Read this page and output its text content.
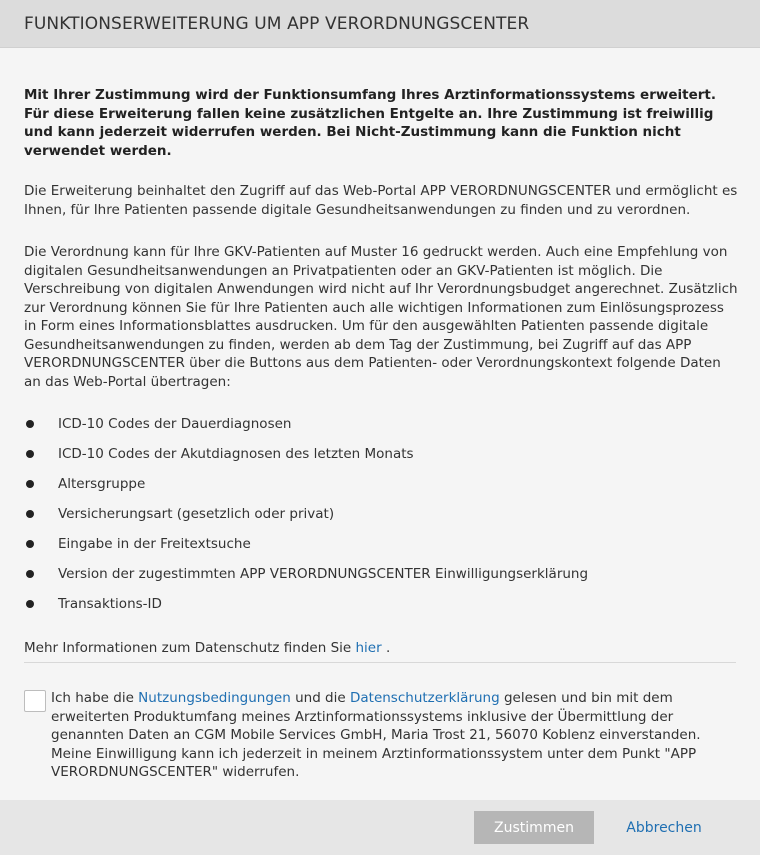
FUNKTIONSERWEITERUNG UM APP VERORDNUNGSCENTER

Mit Ihrer Zustimmung wird der Funktionsumfang Ihres Arztinformationssystems erweitert. Für diese Erweiterung fallen keine zusätzlichen Entgelte an. Ihre Zustimmung ist freiwillig und kann jederzeit widerrufen werden. Bei Nicht-Zustimmung kann die Funktion nicht verwendet werden.

Die Erweiterung beinhaltet den Zugriff auf das Web-Portal APP VERORDNUNGSCENTER und ermöglicht es Ihnen, für Ihre Patienten passende digitale Gesundheitsanwendungen zu finden und zu verordnen.

Die Verordnung kann für Ihre GKV-Patienten auf Muster 16 gedruckt werden. Auch eine Empfehlung von digitalen Gesundheitsanwendungen an Privatpatienten oder an GKV-Patienten ist möglich. Die Verschreibung von digitalen Anwendungen wird nicht auf Ihr Verordnungsbudget angerechnet. Zusätzlich zur Verordnung können Sie für Ihre Patienten auch alle wichtigen Informationen zum Einlösungsprozess in Form eines Informationsblattes ausdrucken. Um für den ausgewählten Patienten passende digitale Gesundheitsanwendungen zu finden, werden ab dem Tag der Zustimmung, bei Zugriff auf das APP VERORDNUNGSCENTER über die Buttons aus dem Patienten- oder Verordnungskontext folgende Daten an das Web-Portal übertragen:

ICD-10 Codes der Dauerdiagnosen
ICD-10 Codes der Akutdiagnosen des letzten Monats
Altersgruppe
Versicherungsart (gesetzlich oder privat)
Eingabe in der Freitextsuche
Version der zugestimmten APP VERORDNUNGSCENTER Einwilligungserklärung
Transaktions-ID

Mehr Informationen zum Datenschutz finden Sie hier .

Ich habe die Nutzungsbedingungen und die Datenschutzerklärung gelesen und bin mit dem erweiterten Produktumfang meines Arztinformationssystems inklusive der Übermittlung der genannten Daten an CGM Mobile Services GmbH, Maria Trost 21, 56070 Koblenz einverstanden. Meine Einwilligung kann ich jederzeit in meinem Arztinformationssystem unter dem Punkt "APP VERORDNUNGSCENTER" widerrufen.

Zustimmen	Abbrechen
